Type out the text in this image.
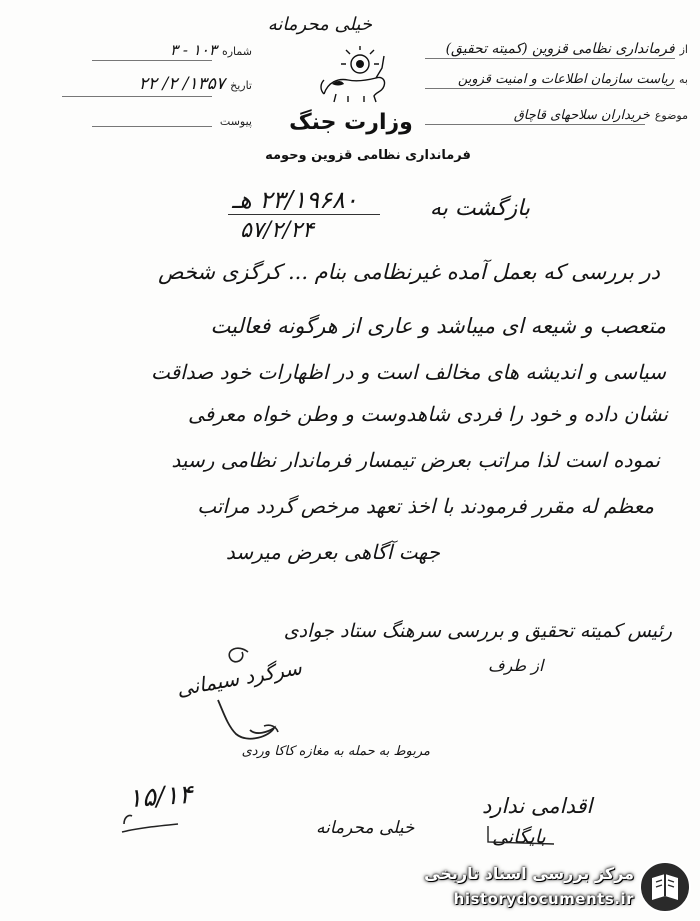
خیلی محرمانه
از فرمانداری نظامی قزوین (کمیته تحقیق)
به ریاست سازمان اطلاعات و امنیت قزوین
موضوع خریداران سلاحهای قاچاق
شماره ۱۰۳ - ۳
تاریخ ۱۳۵۷/ ۲/ ۲۲
پیوست وزارت جنگ
فرمانداری نظامی قزوین وحومه
۲۳/۱۹۶۸۰ هـ
۵۷/۲/۲۴
بازگشت به
در بررسی که بعمل آمده غیرنظامی بنام ... کرگزی شخص
متعصب و شیعه ای میباشد و عاری از هرگونه فعالیت
سیاسی و اندیشه های مخالف است و در اظهارات خود صداقت
نشان داده و خود را فردی شاهدوست و وطن خواه معرفی
نموده است لذا مراتب بعرض تیمسار فرماندار نظامی رسید
معظم له مقرر فرمودند با اخذ تعهد مرخص گردد مراتب
جهت آگاهی بعرض میرسد
رئیس کمیته تحقیق و بررسی سرهنگ ستاد جوادی
از طرف
سرگرد سیمانی
مربوط به حمله به مغازه کاکا وردی
۱۵/۱۴	اقدامی ندارد
بایگانی
خیلی محرمانه
مرکز بررسی اسناد تاریخی
historydocuments.ir
